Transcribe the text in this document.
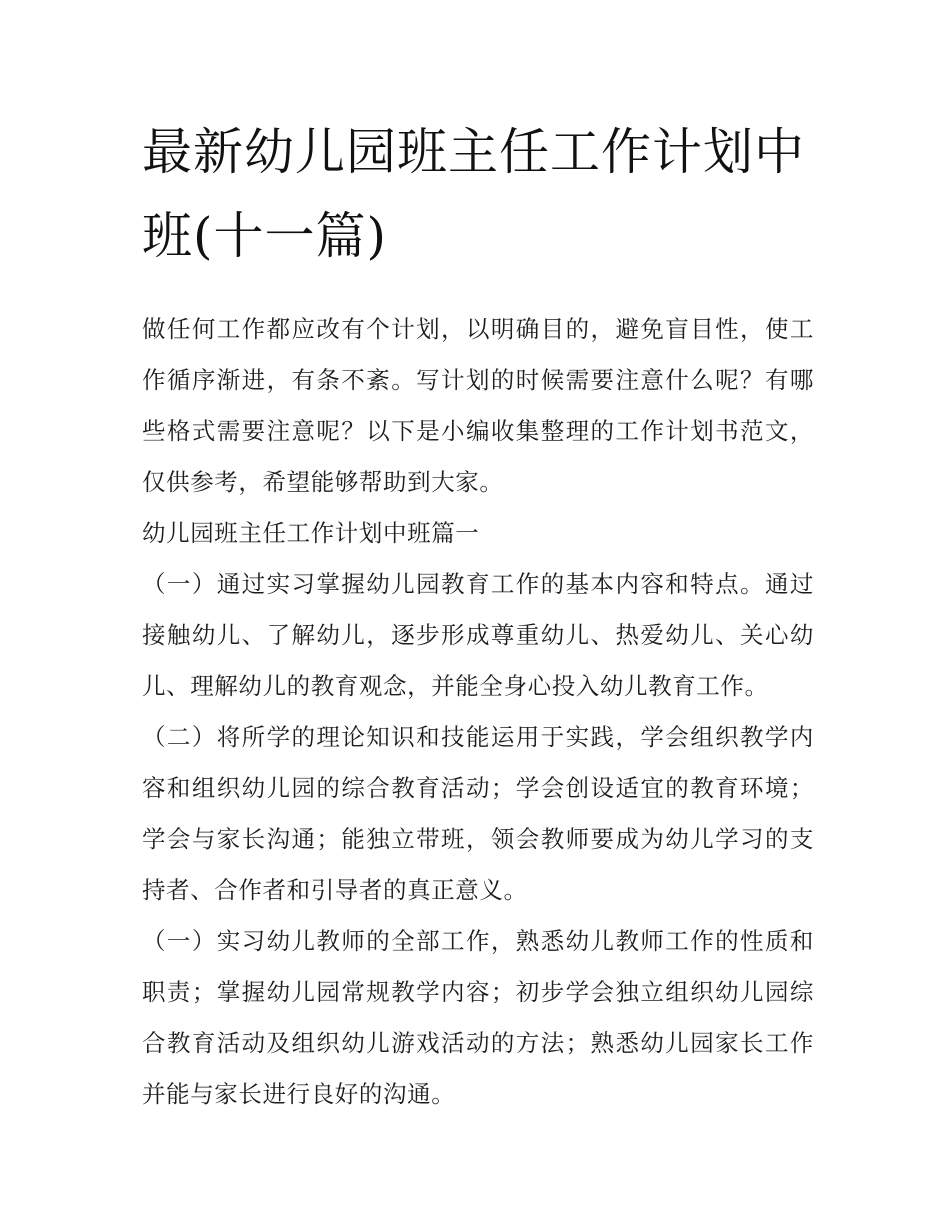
最新幼儿园班主任工作计划中班(十一篇)

做任何工作都应改有个计划，以明确目的，避免盲目性，使工作循序渐进，有条不紊。写计划的时候需要注意什么呢？有哪些格式需要注意呢？以下是小编收集整理的工作计划书范文，仅供参考，希望能够帮助到大家。

幼儿园班主任工作计划中班篇一

（一）通过实习掌握幼儿园教育工作的基本内容和特点。通过接触幼儿、了解幼儿，逐步形成尊重幼儿、热爱幼儿、关心幼儿、理解幼儿的教育观念，并能全身心投入幼儿教育工作。

（二）将所学的理论知识和技能运用于实践，学会组织教学内容和组织幼儿园的综合教育活动；学会创设适宜的教育环境；学会与家长沟通；能独立带班，领会教师要成为幼儿学习的支持者、合作者和引导者的真正意义。

（一）实习幼儿教师的全部工作，熟悉幼儿教师工作的性质和职责；掌握幼儿园常规教学内容；初步学会独立组织幼儿园综合教育活动及组织幼儿游戏活动的方法；熟悉幼儿园家长工作并能与家长进行良好的沟通。
